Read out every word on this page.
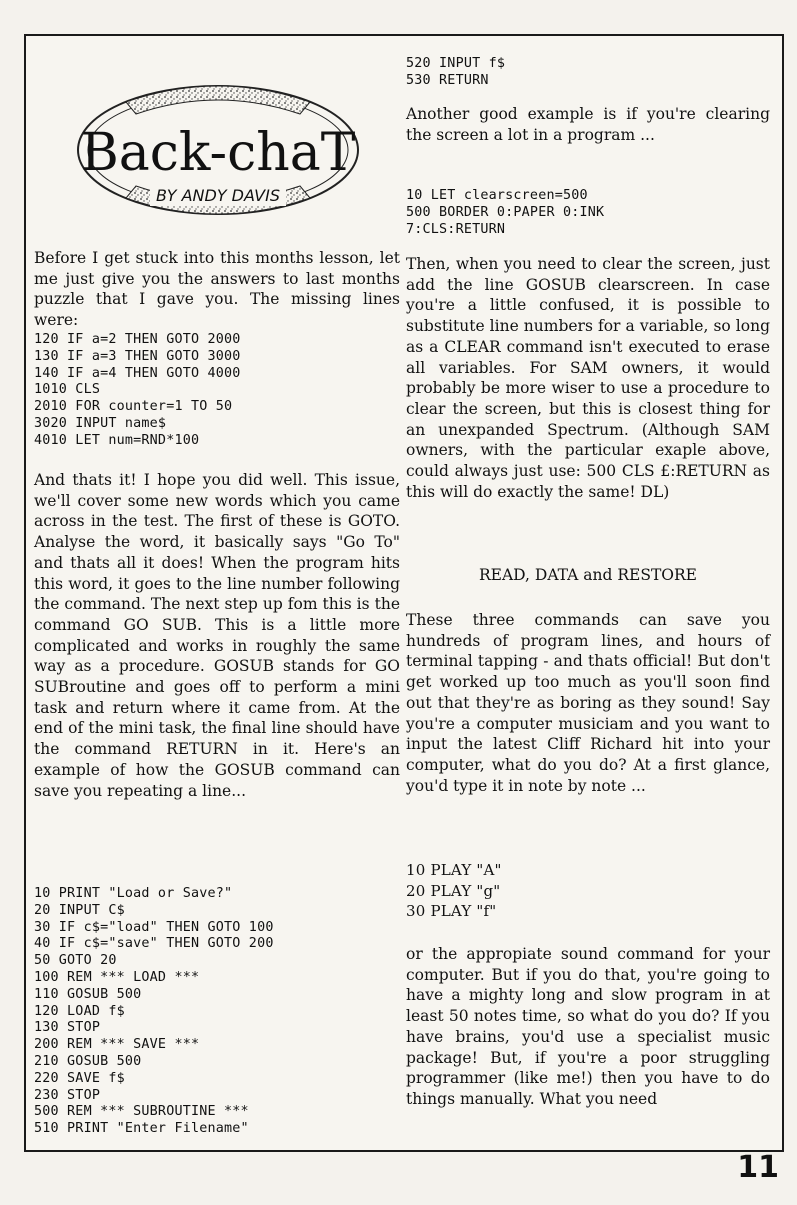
Back-chaT
BY ANDY DAVIS

Before I get stuck into this months lesson, let me just give you the answers to last months puzzle that I gave you. The missing lines were:

120 IF a=2 THEN GOTO 2000
130 IF a=3 THEN GOTO 3000
140 IF a=4 THEN GOTO 4000
1010 CLS
2010 FOR counter=1 TO 50
3020 INPUT name$
4010 LET num=RND*100

And thats it! I hope you did well. This issue, we'll cover some new words which you came across in the test. The first of these is GOTO. Analyse the word, it basically says "Go To" and thats all it does! When the program hits this word, it goes to the line number following the command. The next step up fom this is the command GO SUB. This is a little more complicated and works in roughly the same way as a procedure. GOSUB stands for GO SUBroutine and goes off to perform a mini task and return where it came from. At the end of the mini task, the final line should have the command RETURN in it. Here's an example of how the GOSUB command can save you repeating a line...

10 PRINT "Load or Save?"
20 INPUT C$
30 IF c$="load" THEN GOTO 100
40 IF c$="save" THEN GOTO 200
50 GOTO 20
100 REM *** LOAD ***
110 GOSUB 500
120 LOAD f$
130 STOP
200 REM *** SAVE ***
210 GOSUB 500
220 SAVE f$
230 STOP
500 REM *** SUBROUTINE ***
510 PRINT "Enter Filename"
520 INPUT f$
530 RETURN

Another good example is if you're clearing the screen a lot in a program ...

10 LET clearscreen=500
500 BORDER 0:PAPER 0:INK
7:CLS:RETURN

Then, when you need to clear the screen, just add the line GOSUB clearscreen. In case you're a little confused, it is possible to substitute line numbers for a variable, so long as a CLEAR command isn't executed to erase all variables. For SAM owners, it would probably be more wiser to use a procedure to clear the screen, but this is closest thing for an unexpanded Spectrum. (Although SAM owners, with the particular exaple above, could always just use: 500 CLS £:RETURN as this will do exactly the same! DL)

READ, DATA and RESTORE

These three commands can save you hundreds of program lines, and hours of terminal tapping - and thats official! But don't get worked up too much as you'll soon find out that they're as boring as they sound! Say you're a computer musiciam and you want to input the latest Cliff Richard hit into your computer, what do you do? At a first glance, you'd type it in note by note ...

10 PLAY "A"
20 PLAY "g"
30 PLAY "f"

or the appropiate sound command for your computer. But if you do that, you're going to have a mighty long and slow program in at least 50 notes time, so what do you do? If you have brains, you'd use a specialist music package! But, if you're a poor struggling programmer (like me!) then you have to do things manually. What you need

11
